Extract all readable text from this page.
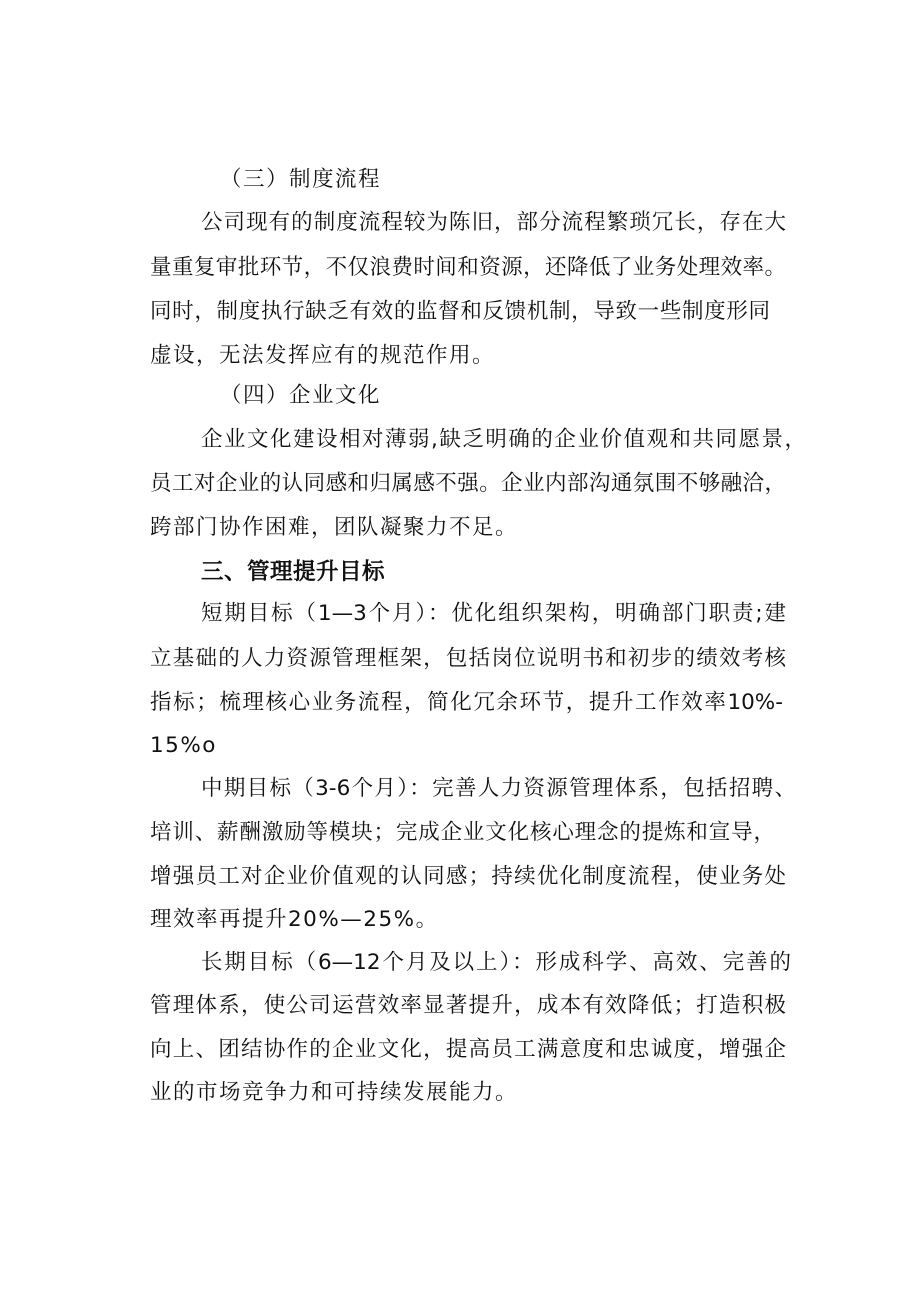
（三）制度流程
公司现有的制度流程较为陈旧，部分流程繁琐冗长，存在大
量重复审批环节，不仅浪费时间和资源，还降低了业务处理效率。
同时，制度执行缺乏有效的监督和反馈机制，导致一些制度形同
虚设，无法发挥应有的规范作用。
（四）企业文化
企业文化建设相对薄弱,缺乏明确的企业价值观和共同愿景，
员工对企业的认同感和归属感不强。企业内部沟通氛围不够融洽，
跨部门协作困难，团队凝聚力不足。
三、管理提升目标
短期目标（1—3个月）：优化组织架构，明确部门职责;建
立基础的人力资源管理框架，包括岗位说明书和初步的绩效考核
指标；梳理核心业务流程，简化冗余环节，提升工作效率10%-
15%o
中期目标（3-6个月）：完善人力资源管理体系，包括招聘、
培训、薪酬激励等模块；完成企业文化核心理念的提炼和宣导，
增强员工对企业价值观的认同感；持续优化制度流程，使业务处
理效率再提升20%—25%。
长期目标（6—12个月及以上）：形成科学、高效、完善的
管理体系，使公司运营效率显著提升，成本有效降低；打造积极
向上、团结协作的企业文化，提高员工满意度和忠诚度，增强企
业的市场竞争力和可持续发展能力。
